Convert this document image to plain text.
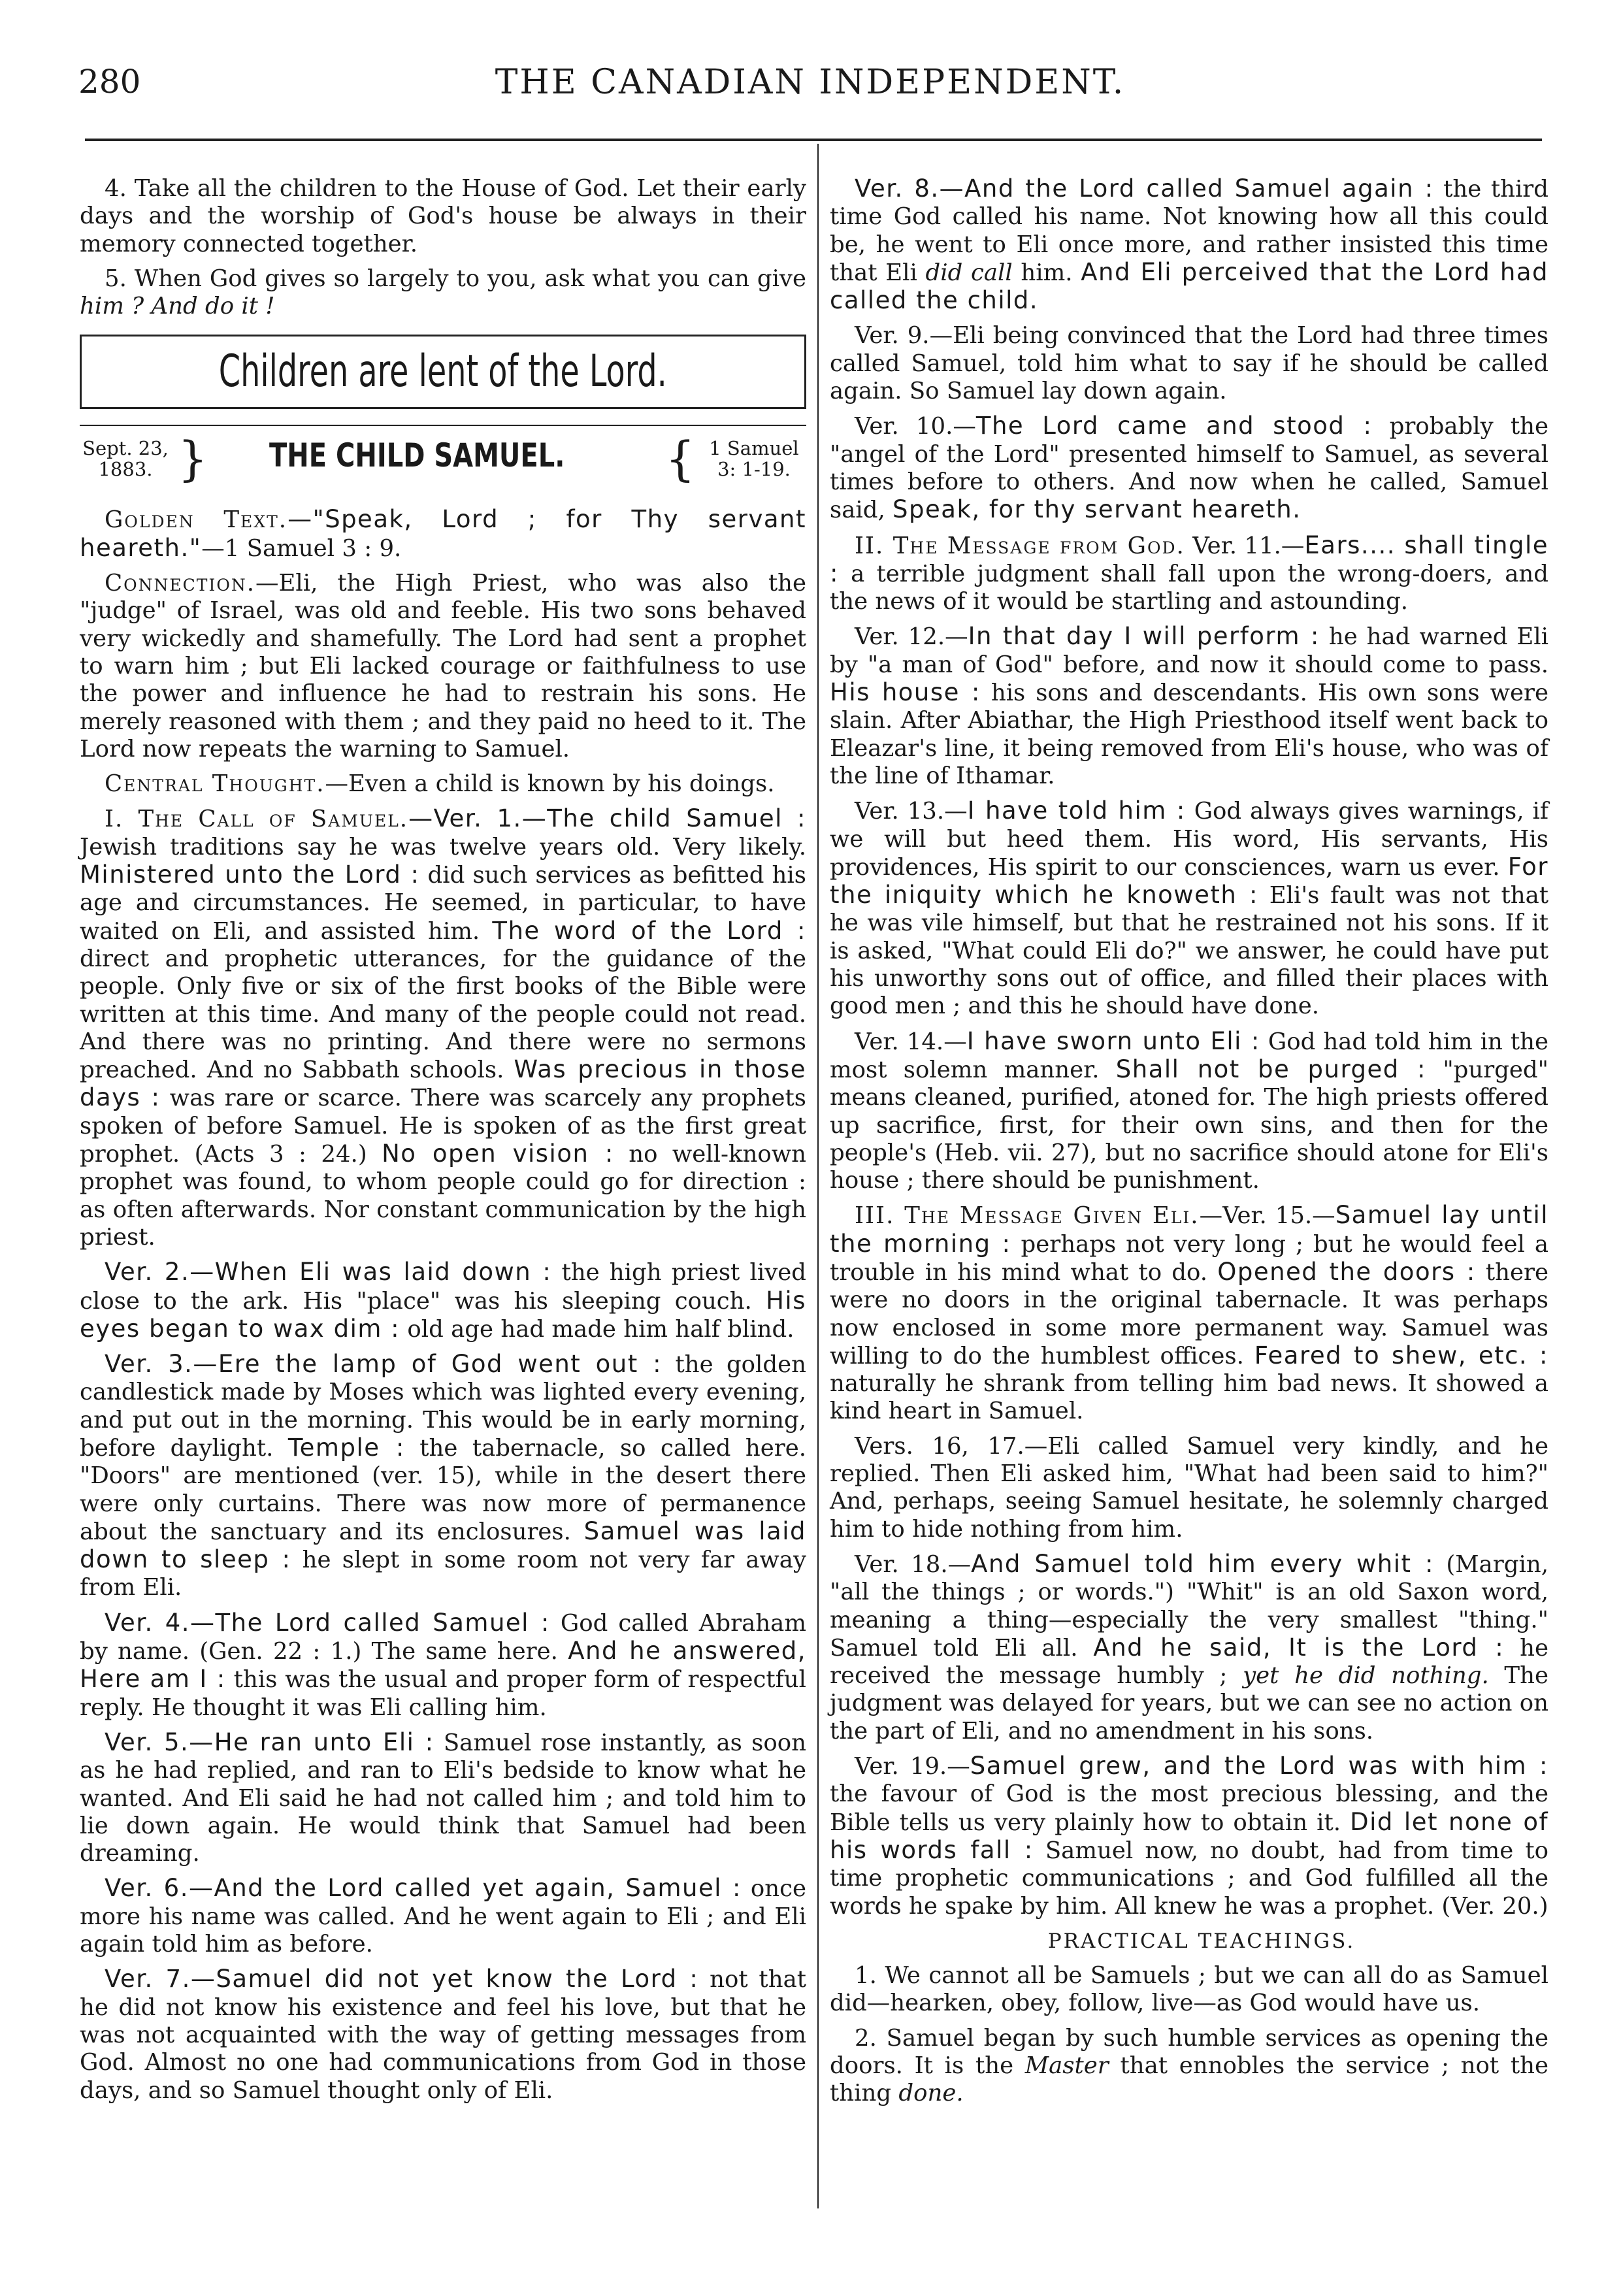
280	THE CANADIAN INDEPENDENT.

4. Take all the children to the House of God. Let their early days and the worship of God's house be always in their memory connected together.

5. When God gives so largely to you, ask what you can give him ? And do it !

Children are lent of the Lord.
Sept. 23, 1883. } THE CHILD SAMUEL. { 1 Samuel 3: 1-19.

Golden Text.—"Speak, Lord ; for Thy servant heareth."—1 Samuel 3 : 9.

Connection.—Eli, the High Priest, who was also the "judge" of Israel, was old and feeble. His two sons behaved very wickedly and shamefully. The Lord had sent a prophet to warn him ; but Eli lacked courage or faithfulness to use the power and influence he had to restrain his sons. He merely reasoned with them ; and they paid no heed to it. The Lord now repeats the warning to Samuel.

Central Thought.—Even a child is known by his doings.

I. The Call of Samuel.—Ver. 1.—The child Samuel : Jewish traditions say he was twelve years old. Very likely. Ministered unto the Lord : did such services as befitted his age and circumstances. He seemed, in particular, to have waited on Eli, and assisted him. The word of the Lord : direct and prophetic utterances, for the guidance of the people. Only five or six of the first books of the Bible were written at this time. And many of the people could not read. And there was no printing. And there were no sermons preached. And no Sabbath schools. Was precious in those days : was rare or scarce. There was scarcely any prophets spoken of before Samuel. He is spoken of as the first great prophet. (Acts 3 : 24.) No open vision : no well-known prophet was found, to whom people could go for direction : as often afterwards. Nor constant communication by the high priest.

Ver. 2.—When Eli was laid down : the high priest lived close to the ark. His "place" was his sleeping couch. His eyes began to wax dim : old age had made him half blind.

Ver. 3.—Ere the lamp of God went out : the golden candlestick made by Moses which was lighted every evening, and put out in the morning. This would be in early morning, before daylight. Temple : the tabernacle, so called here. "Doors" are mentioned (ver. 15), while in the desert there were only curtains. There was now more of permanence about the sanctuary and its enclosures. Samuel was laid down to sleep : he slept in some room not very far away from Eli.

Ver. 4.—The Lord called Samuel : God called Abraham by name. (Gen. 22 : 1.) The same here. And he answered, Here am I : this was the usual and proper form of respectful reply. He thought it was Eli calling him.

Ver. 5.—He ran unto Eli : Samuel rose instantly, as soon as he had replied, and ran to Eli's bedside to know what he wanted. And Eli said he had not called him ; and told him to lie down again. He would think that Samuel had been dreaming.

Ver. 6.—And the Lord called yet again, Samuel : once more his name was called. And he went again to Eli ; and Eli again told him as before.

Ver. 7.—Samuel did not yet know the Lord : not that he did not know his existence and feel his love, but that he was not acquainted with the way of getting messages from God. Almost no one had communications from God in those days, and so Samuel thought only of Eli.

Ver. 8.—And the Lord called Samuel again : the third time God called his name. Not knowing how all this could be, he went to Eli once more, and rather insisted this time that Eli did call him. And Eli perceived that the Lord had called the child.

Ver. 9.—Eli being convinced that the Lord had three times called Samuel, told him what to say if he should be called again. So Samuel lay down again.

Ver. 10.—The Lord came and stood : probably the "angel of the Lord" presented himself to Samuel, as several times before to others. And now when he called, Samuel said, Speak, for thy servant heareth.

II. The Message from God. Ver. 11.—Ears.... shall tingle : a terrible judgment shall fall upon the wrong-doers, and the news of it would be startling and astounding.

Ver. 12.—In that day I will perform : he had warned Eli by "a man of God" before, and now it should come to pass. His house : his sons and descendants. His own sons were slain. After Abiathar, the High Priesthood itself went back to Eleazar's line, it being removed from Eli's house, who was of the line of Ithamar.

Ver. 13.—I have told him : God always gives warnings, if we will but heed them. His word, His servants, His providences, His spirit to our consciences, warn us ever. For the iniquity which he knoweth : Eli's fault was not that he was vile himself, but that he restrained not his sons. If it is asked, "What could Eli do?" we answer, he could have put his unworthy sons out of office, and filled their places with good men ; and this he should have done.

Ver. 14.—I have sworn unto Eli : God had told him in the most solemn manner. Shall not be purged : "purged" means cleaned, purified, atoned for. The high priests offered up sacrifice, first, for their own sins, and then for the people's (Heb. vii. 27), but no sacrifice should atone for Eli's house ; there should be punishment.

III. The Message Given Eli.—Ver. 15.—Samuel lay until the morning : perhaps not very long ; but he would feel a trouble in his mind what to do. Opened the doors : there were no doors in the original tabernacle. It was perhaps now enclosed in some more permanent way. Samuel was willing to do the humblest offices. Feared to shew, etc. : naturally he shrank from telling him bad news. It showed a kind heart in Samuel.

Vers. 16, 17.—Eli called Samuel very kindly, and he replied. Then Eli asked him, "What had been said to him?" And, perhaps, seeing Samuel hesitate, he solemnly charged him to hide nothing from him.

Ver. 18.—And Samuel told him every whit : (Margin, "all the things ; or words.") "Whit" is an old Saxon word, meaning a thing—especially the very smallest "thing." Samuel told Eli all. And he said, It is the Lord : he received the message humbly ; yet he did nothing. The judgment was delayed for years, but we can see no action on the part of Eli, and no amendment in his sons.

Ver. 19.—Samuel grew, and the Lord was with him : the favour of God is the most precious blessing, and the Bible tells us very plainly how to obtain it. Did let none of his words fall : Samuel now, no doubt, had from time to time prophetic communications ; and God fulfilled all the words he spake by him. All knew he was a prophet. (Ver. 20.)

PRACTICAL TEACHINGS.

1. We cannot all be Samuels ; but we can all do as Samuel did—hearken, obey, follow, live—as God would have us.

2. Samuel began by such humble services as opening the doors. It is the Master that ennobles the service ; not the thing done.
